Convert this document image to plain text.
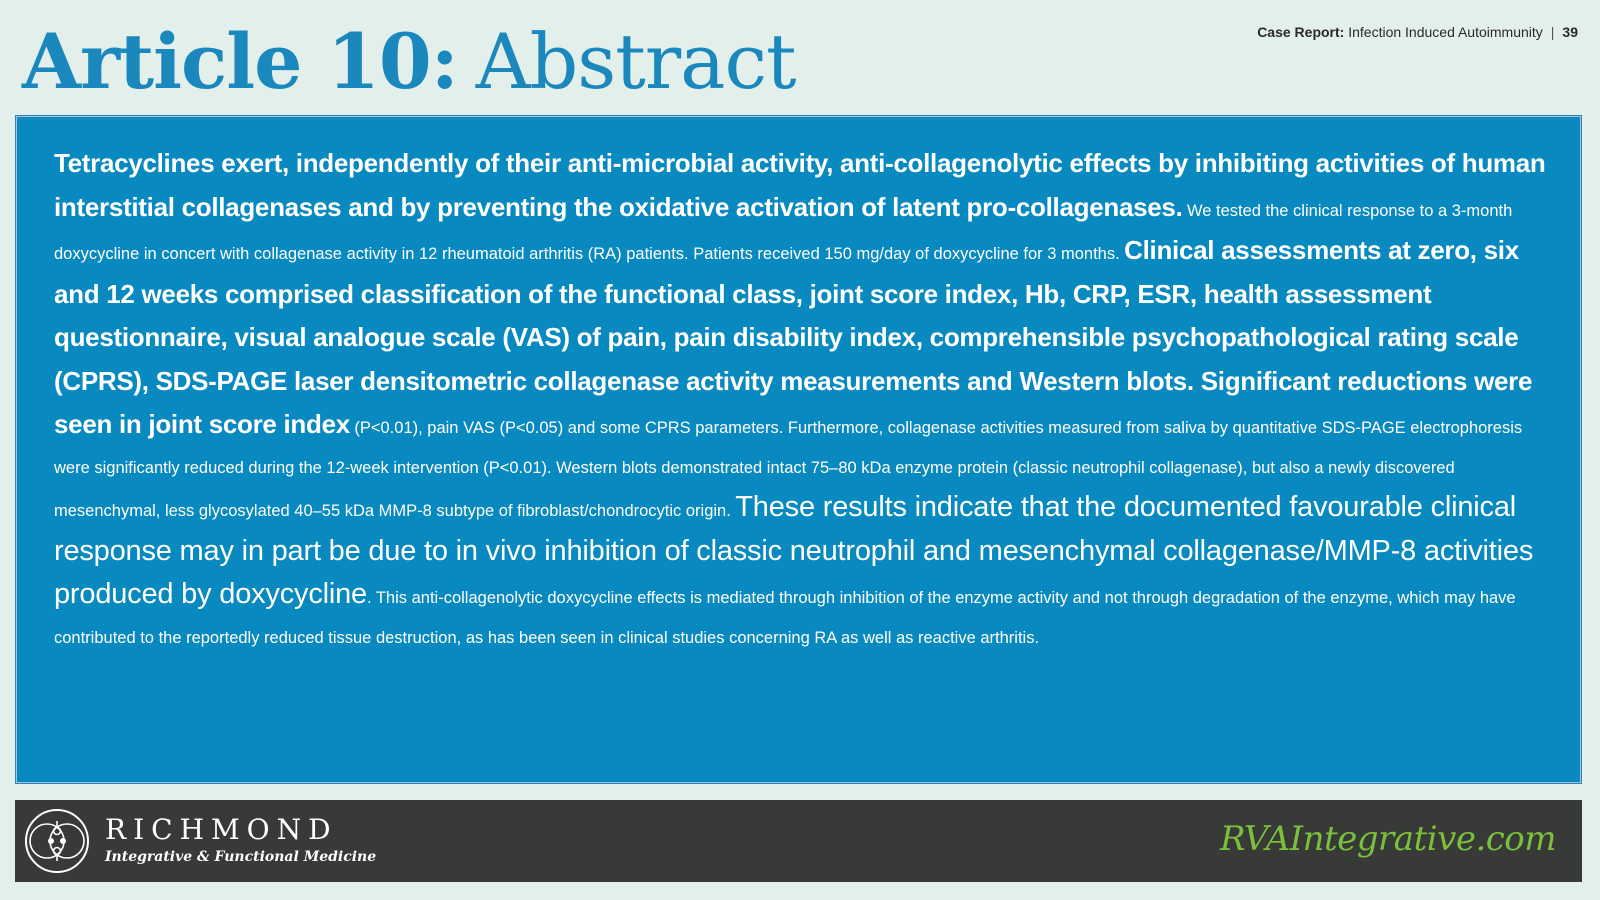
Article 10: Abstract	Case Report: Infection Induced Autoimmunity | 39

Tetracyclines exert, independently of their anti-microbial activity, anti-collagenolytic effects by inhibiting activities of human interstitial collagenases and by preventing the oxidative activation of latent pro-collagenases. We tested the clinical response to a 3-month doxycycline in concert with collagenase activity in 12 rheumatoid arthritis (RA) patients. Patients received 150 mg/day of doxycycline for 3 months. Clinical assessments at zero, six and 12 weeks comprised classification of the functional class, joint score index, Hb, CRP, ESR, health assessment questionnaire, visual analogue scale (VAS) of pain, pain disability index, comprehensible psychopathological rating scale (CPRS), SDS-PAGE laser densitometric collagenase activity measurements and Western blots. Significant reductions were seen in joint score index (P<0.01), pain VAS (P<0.05) and some CPRS parameters. Furthermore, collagenase activities measured from saliva by quantitative SDS-PAGE electrophoresis were significantly reduced during the 12-week intervention (P<0.01). Western blots demonstrated intact 75–80 kDa enzyme protein (classic neutrophil collagenase), but also a newly discovered mesenchymal, less glycosylated 40–55 kDa MMP-8 subtype of fibroblast/chondrocytic origin. These results indicate that the documented favourable clinical response may in part be due to in vivo inhibition of classic neutrophil and mesenchymal collagenase/MMP-8 activities produced by doxycycline. This anti-collagenolytic doxycycline effects is mediated through inhibition of the enzyme activity and not through degradation of the enzyme, which may have contributed to the reportedly reduced tissue destruction, as has been seen in clinical studies concerning RA as well as reactive arthritis.

RICHMOND
Integrative & Functional Medicine	RVAIntegrative.com
